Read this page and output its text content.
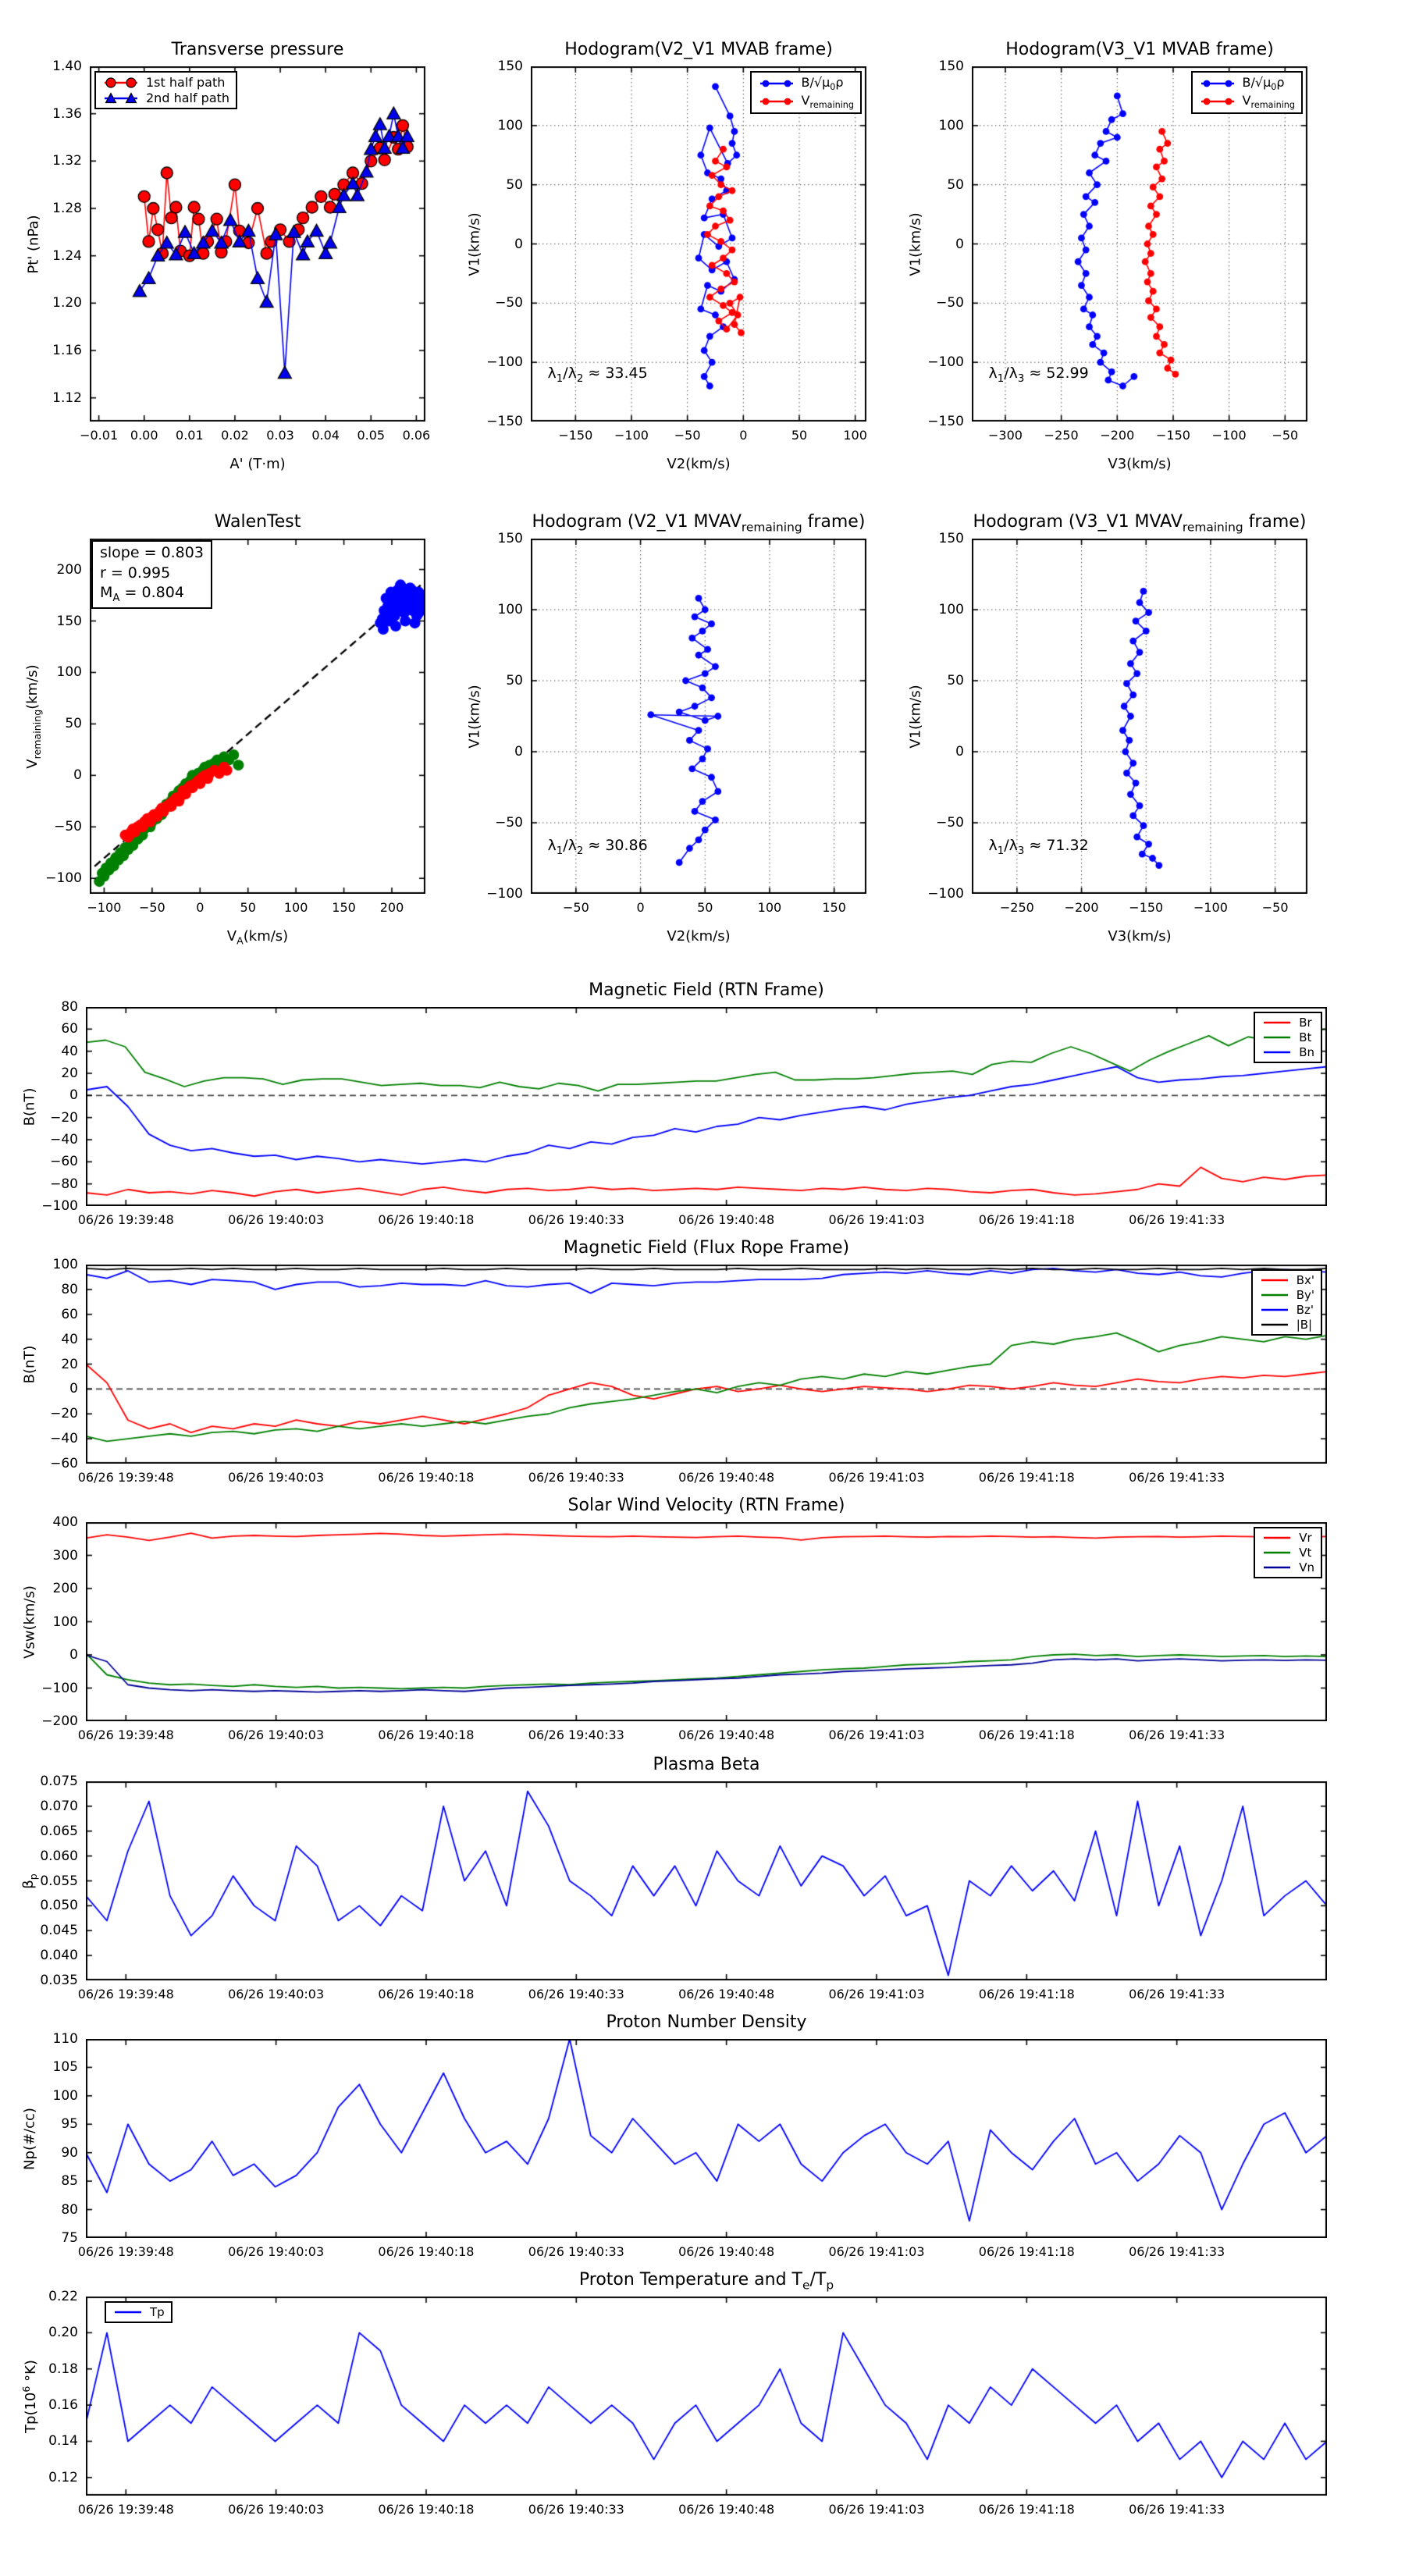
Transverse pressure
1.40
1.36
1.32
1.28
1.24
1.20
1.16
1.12
−0.01 0.00	0.01	0.02	0.03	0.04	0.05	0.06
A' (T·m)
Pt' (nPa)
1st half path
2nd half path
Hodogram(V2_V1 MVAB frame)
150
100
50
0
−50
−100
−150
−150	−100	−50	0	50	100
V2(km/s)
V1(km/s)
$\lambda_1/\lambda_2 \approx 33.45$
$B/√\mu_0\rho$
$V_{remaining}$
Hodogram(V3_V1 MVAB frame)
150
100
50
0
−50
−100
−150
−300	−250	−200	−150	−100	−50
V3(km/s)
V1(km/s)
$\lambda_1/\lambda_3 \approx 52.99$
$B/√\mu_0\rho$
$V_{remaining}$
WalenTest
200
150
100
50
0
−50
−100
−100	−50	0	50	100	150	200
$V_A(km/s)$
$V_{remaining}(km/s)$
slope = 0.803
r = 0.995
$M_A = 0.804$
Hodogram (V2_V1 $MVAV_{remaining}$ frame)
150
100
50
0
−50
−100
−50	0	50	100	150
V2(km/s)
V1(km/s)
$\lambda_1/\lambda_2 \approx 30.86$
Hodogram (V3_V1 $MVAV_{remaining}$ frame)
150
100
50
0
−50
−100
−250	−200	−150	−100	−50
V3(km/s)
V1(km/s)
$\lambda_1/\lambda_3 \approx 71.32$
Magnetic Field (RTN Frame)
80
60
40
20
0
−20
−40
−60
−80
−100
06/26 19:39:48	06/26 19:40:03	06/26 19:40:18	06/26 19:40:33	06/26 19:40:48	06/26 19:41:03	06/26 19:41:18	06/26 19:41:33
B(nT)
Br
Bt
Bn
Magnetic Field (Flux Rope Frame)
100
80
60
40
20
0
−20
−40
−60
06/26 19:39:48	06/26 19:40:03	06/26 19:40:18	06/26 19:40:33	06/26 19:40:48	06/26 19:41:03	06/26 19:41:18	06/26 19:41:33
B(nT)
Bx'
By'
Bz'
|B|
Solar Wind Velocity (RTN Frame)
400
300
200
100
0
−100
−200
06/26 19:39:48	06/26 19:40:03	06/26 19:40:18	06/26 19:40:33	06/26 19:40:48	06/26 19:41:03	06/26 19:41:18	06/26 19:41:33
Vsw(km/s)
Vr
Vt
Vn
Plasma Beta
0.075
0.070
0.065
0.060
0.055
0.050
0.045
0.040
0.035
06/26 19:39:48	06/26 19:40:03	06/26 19:40:18	06/26 19:40:33	06/26 19:40:48	06/26 19:41:03	06/26 19:41:18	06/26 19:41:33
$\beta_p$
Proton Number Density
110
105
100
95
90
85
80
75
06/26 19:39:48	06/26 19:40:03	06/26 19:40:18	06/26 19:40:33	06/26 19:40:48	06/26 19:41:03	06/26 19:41:18	06/26 19:41:33
Np(#/cc)
Proton Temperature and $T_e/T_p$
0.22
0.20
0.18
0.16
0.14
0.12
06/26 19:39:48	06/26 19:40:03	06/26 19:40:18	06/26 19:40:33	06/26 19:40:48	06/26 19:41:03	06/26 19:41:18	06/26 19:41:33
$Tp(10^6$ °K)
Tp
